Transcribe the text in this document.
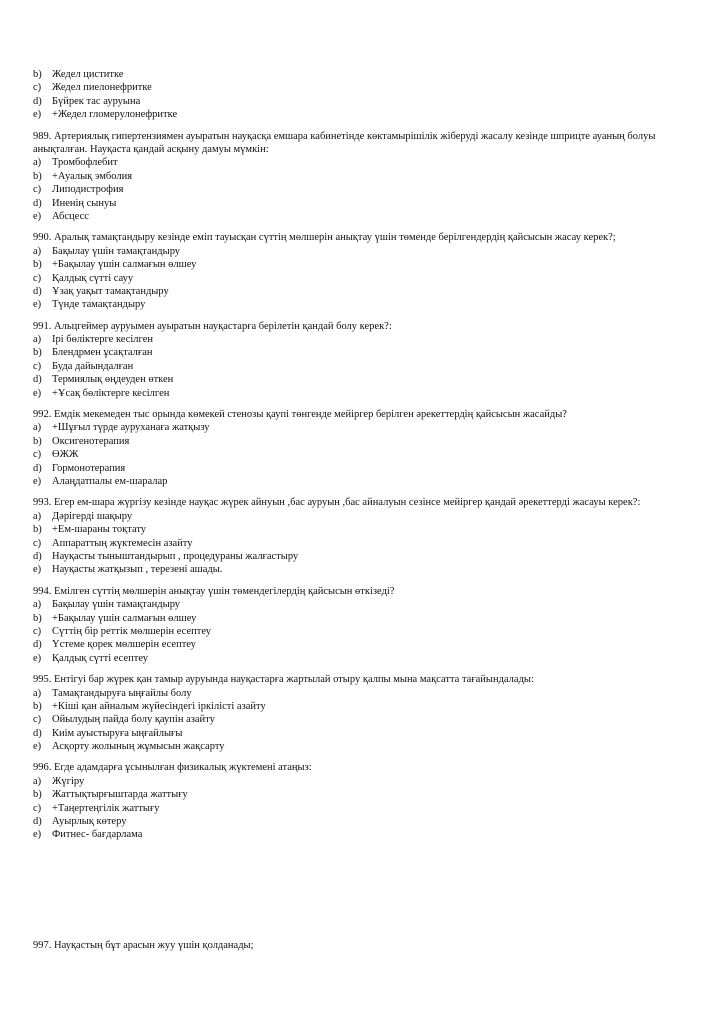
b) Жедел циститке
c)	Жедел пиелонефритке
d) Бүйрек тас ауруына
e)	+Жедел гломерулонефритке
989. Артериялық гипертензиямен ауыратын науқасқа емшара кабинетінде көктамырішілік жіберуді жасалу кезінде шприцте ауаның болуы анықталған. Науқаста қандай асқыну дамуы мүмкін:
a)	Тромбофлебит
b) +Ауалық эмболия
c)	Липодистрофия
d) Иненің сынуы
e)	Абсцесс
990. Аралық тамақтандыру кезінде еміп тауысқан сүттің мөлшерін анықтау үшін төменде берілгендердің қайсысын жасау керек?;
a)	Бақылау үшін тамақтандыру
b) +Бақылау үшін салмағын өлшеу
c)	Қалдық сүтті сауу
d) Ұзақ уақыт тамақтандыру
e)	Түнде тамақтандыру
991. Альцгеймер ауруымен ауыратын науқастарға берілетін қандай болу керек?:
a)	Ірі бөліктерге кесілген
b) Блендрмен ұсақталған
c)	Буда дайындалған
d) Термиялық өңдеуден өткен
e)	+Ұсақ бөліктерге кесілген
992. Емдік мекемеден тыс орында көмекей стенозы қаупі төнгенде мейіргер берілген әрекеттердің қайсысын жасайды?
a)	+Шұғыл түрде ауруханаға жатқызу
b) Оксигенотерапия
c)	ӨЖЖ
d) Гормонотерапия
e)	Алаңдатпалы ем-шаралар
993. Егер ем-шара жүргізу кезінде науқас жүрек айнуын ,бас ауруын ,бас айналуын сезінсе мейіргер қандай әрекеттерді жасауы керек?:
a)	Дәрігерді шақыру
b) +Ем-шараны тоқтату
c)	Аппараттың жүктемесін азайту
d) Науқасты тыныштандырып , процедураны жалғастыру
e)	Науқасты жатқызып , терезені ашады.
994. Емілген сүттің мөлшерін анықтау үшін төмендегілердің қайсысын өткізеді?
a)	Бақылау үшін тамақтандыру
b) +Бақылау үшін салмағын өлшеу
c)	Сүттің бір реттік мөлшерін есептеу
d) Үстеме қорек мөлшерін есептеу
e)	Қалдық сүтті есептеу
995. Ентігуі бар жүрек қан тамыр ауруында науқастарға жартылай отыру қалпы мына мақсатта тағайындалады:
a)	Тамақтандыруға ыңғайлы болу
b) +Кіші қан айналым жүйесіндегі іркілісті азайту
c)	Ойылудың пайда болу қаупін азайту
d) Киім ауыстыруға ыңғайлығы
e)	Асқорту жолының жұмысын жақсарту
996. Егде адамдарға ұсынылған физикалық жүктемені атаңыз:
a)	Жүгіру
b) Жаттықтырғыштарда жаттығу
c)	+Таңертеңгілік жаттығу
d) Ауырлық көтеру
e)	Фитнес- бағдарлама
997. Науқастың бұт арасын жуу үшін қолданады;
